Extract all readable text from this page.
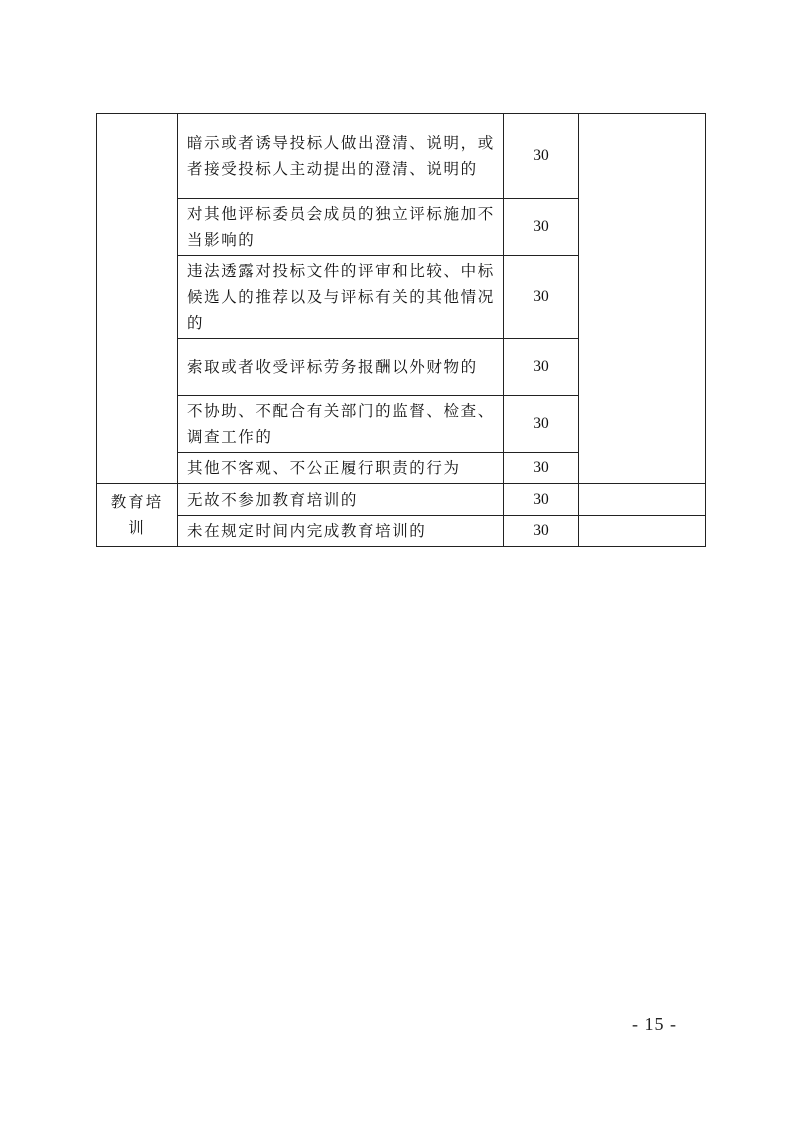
	暗示或者诱导投标人做出澄清、说明，或者接受投标人主动提出的澄清、说明的	30	
	对其他评标委员会成员的独立评标施加不当影响的	30	
	违法透露对投标文件的评审和比较、中标候选人的推荐以及与评标有关的其他情况的	30	
	索取或者收受评标劳务报酬以外财物的	30	
	不协助、不配合有关部门的监督、检查、调查工作的	30	
	其他不客观、不公正履行职责的行为	30	
教育培训	无故不参加教育培训的	30	
	未在规定时间内完成教育培训的	30	
- 15 -
